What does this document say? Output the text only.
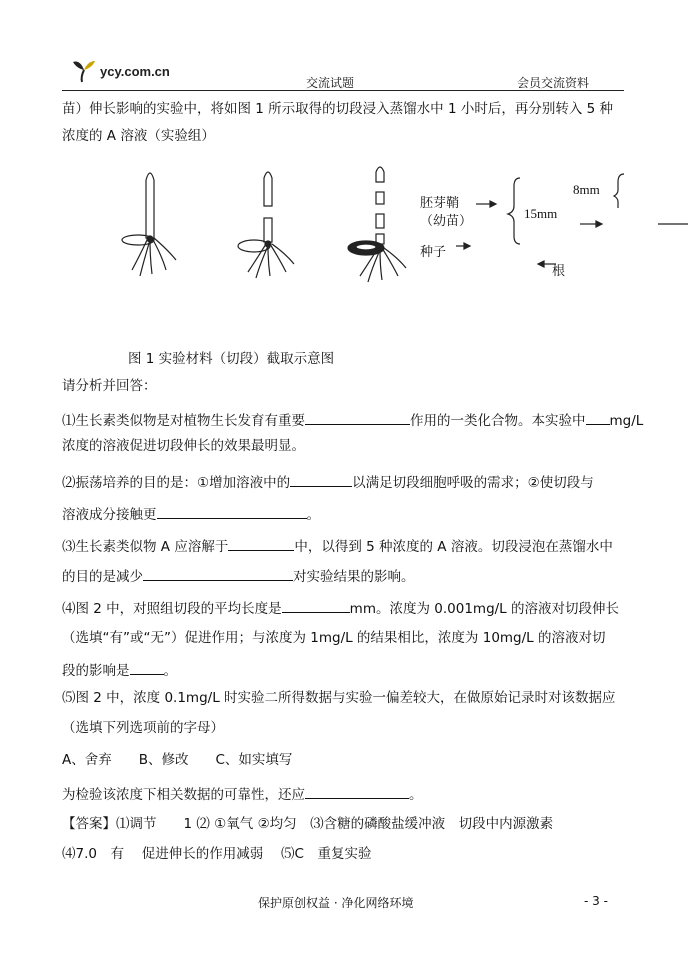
ycy.com.cn
交流试题	会员交流资料
苗）伸长影响的实验中，将如图 1 所示取得的切段浸入蒸馏水中 1 小时后，再分别转入 5 种
浓度的 A 溶液（实验组）
胚芽鞘
（幼苗）
种子
根
15mm
8mm
图 1 实验材料（切段）截取示意图
请分析并回答：
⑴生长素类似物是对植物生长发育有重要	作用的一类化合物。本实验中 mg/L
浓度的溶液促进切段伸长的效果最明显。
⑵振荡培养的目的是：①增加溶液中的	以满足切段细胞呼吸的需求；②使切段与
溶液成分接触更	。
⑶生长素类似物 A 应溶解于	中，以得到 5 种浓度的 A 溶液。切段浸泡在蒸馏水中
的目的是减少	对实验结果的影响。
⑷图 2 中，对照组切段的平均长度是	mm。浓度为 0.001mg/L 的溶液对切段伸长
（选填“有”或“无”）促进作用；与浓度为 1mg/L 的结果相比，浓度为 10mg/L 的溶液对切
段的影响是	。
⑸图 2 中，浓度 0.1mg/L 时实验二所得数据与实验一偏差较大，在做原始记录时对该数据应
（选填下列选项前的字母）
A、舍弃　　B、修改　　C、如实填写
为检验该浓度下相关数据的可靠性，还应	。
【答案】⑴调节　　1 ⑵ ①氧气 ②均匀　⑶含糖的磷酸盐缓冲液　切段中内源激素
⑷7.0　有　 促进伸长的作用减弱　 ⑸C　重复实验
保护原创权益 · 净化网络环境	- 3 -
